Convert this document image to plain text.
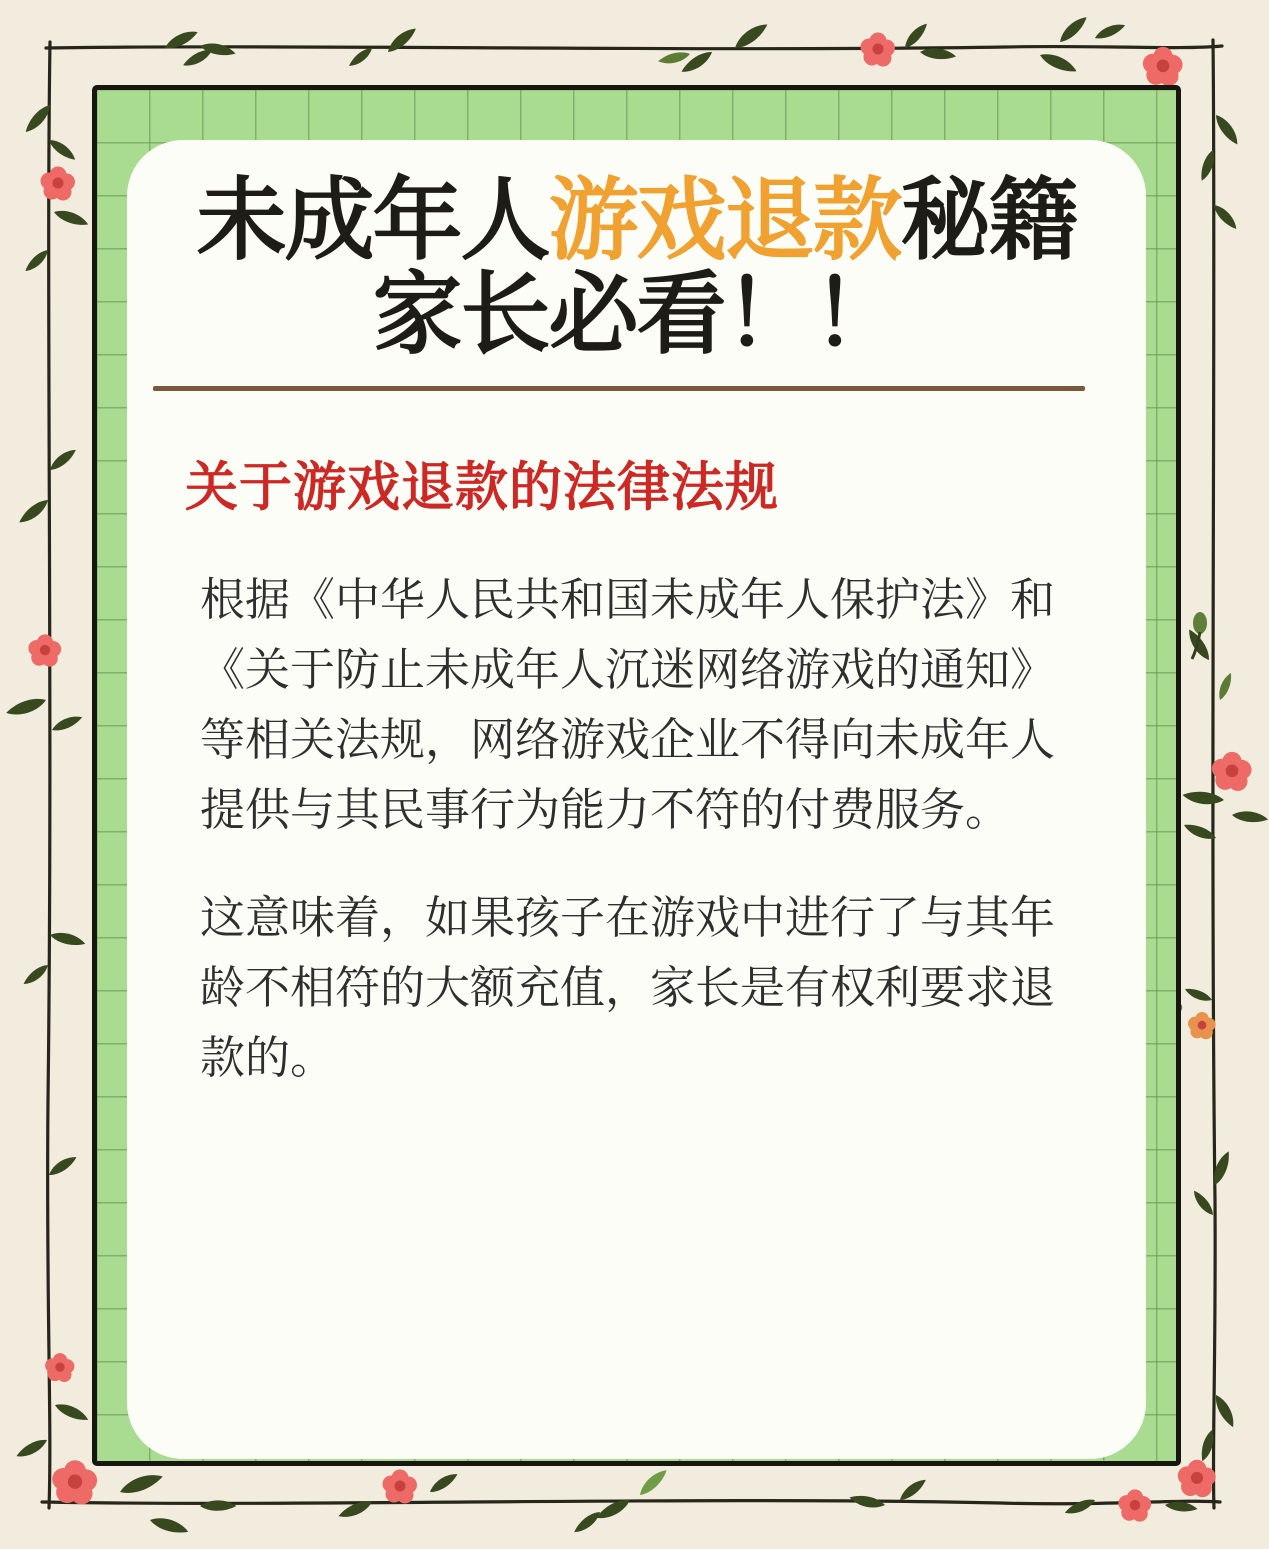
未成年人游戏退款秘籍
家长必看！！
关于游戏退款的法律法规
根据《中华人民共和国未成年人保护法》和《关于防止未成年人沉迷网络游戏的通知》等相关法规，网络游戏企业不得向未成年人提供与其民事行为能力不符的付费服务。
这意味着，如果孩子在游戏中进行了与其年龄不相符的大额充值，家长是有权利要求退款的。
